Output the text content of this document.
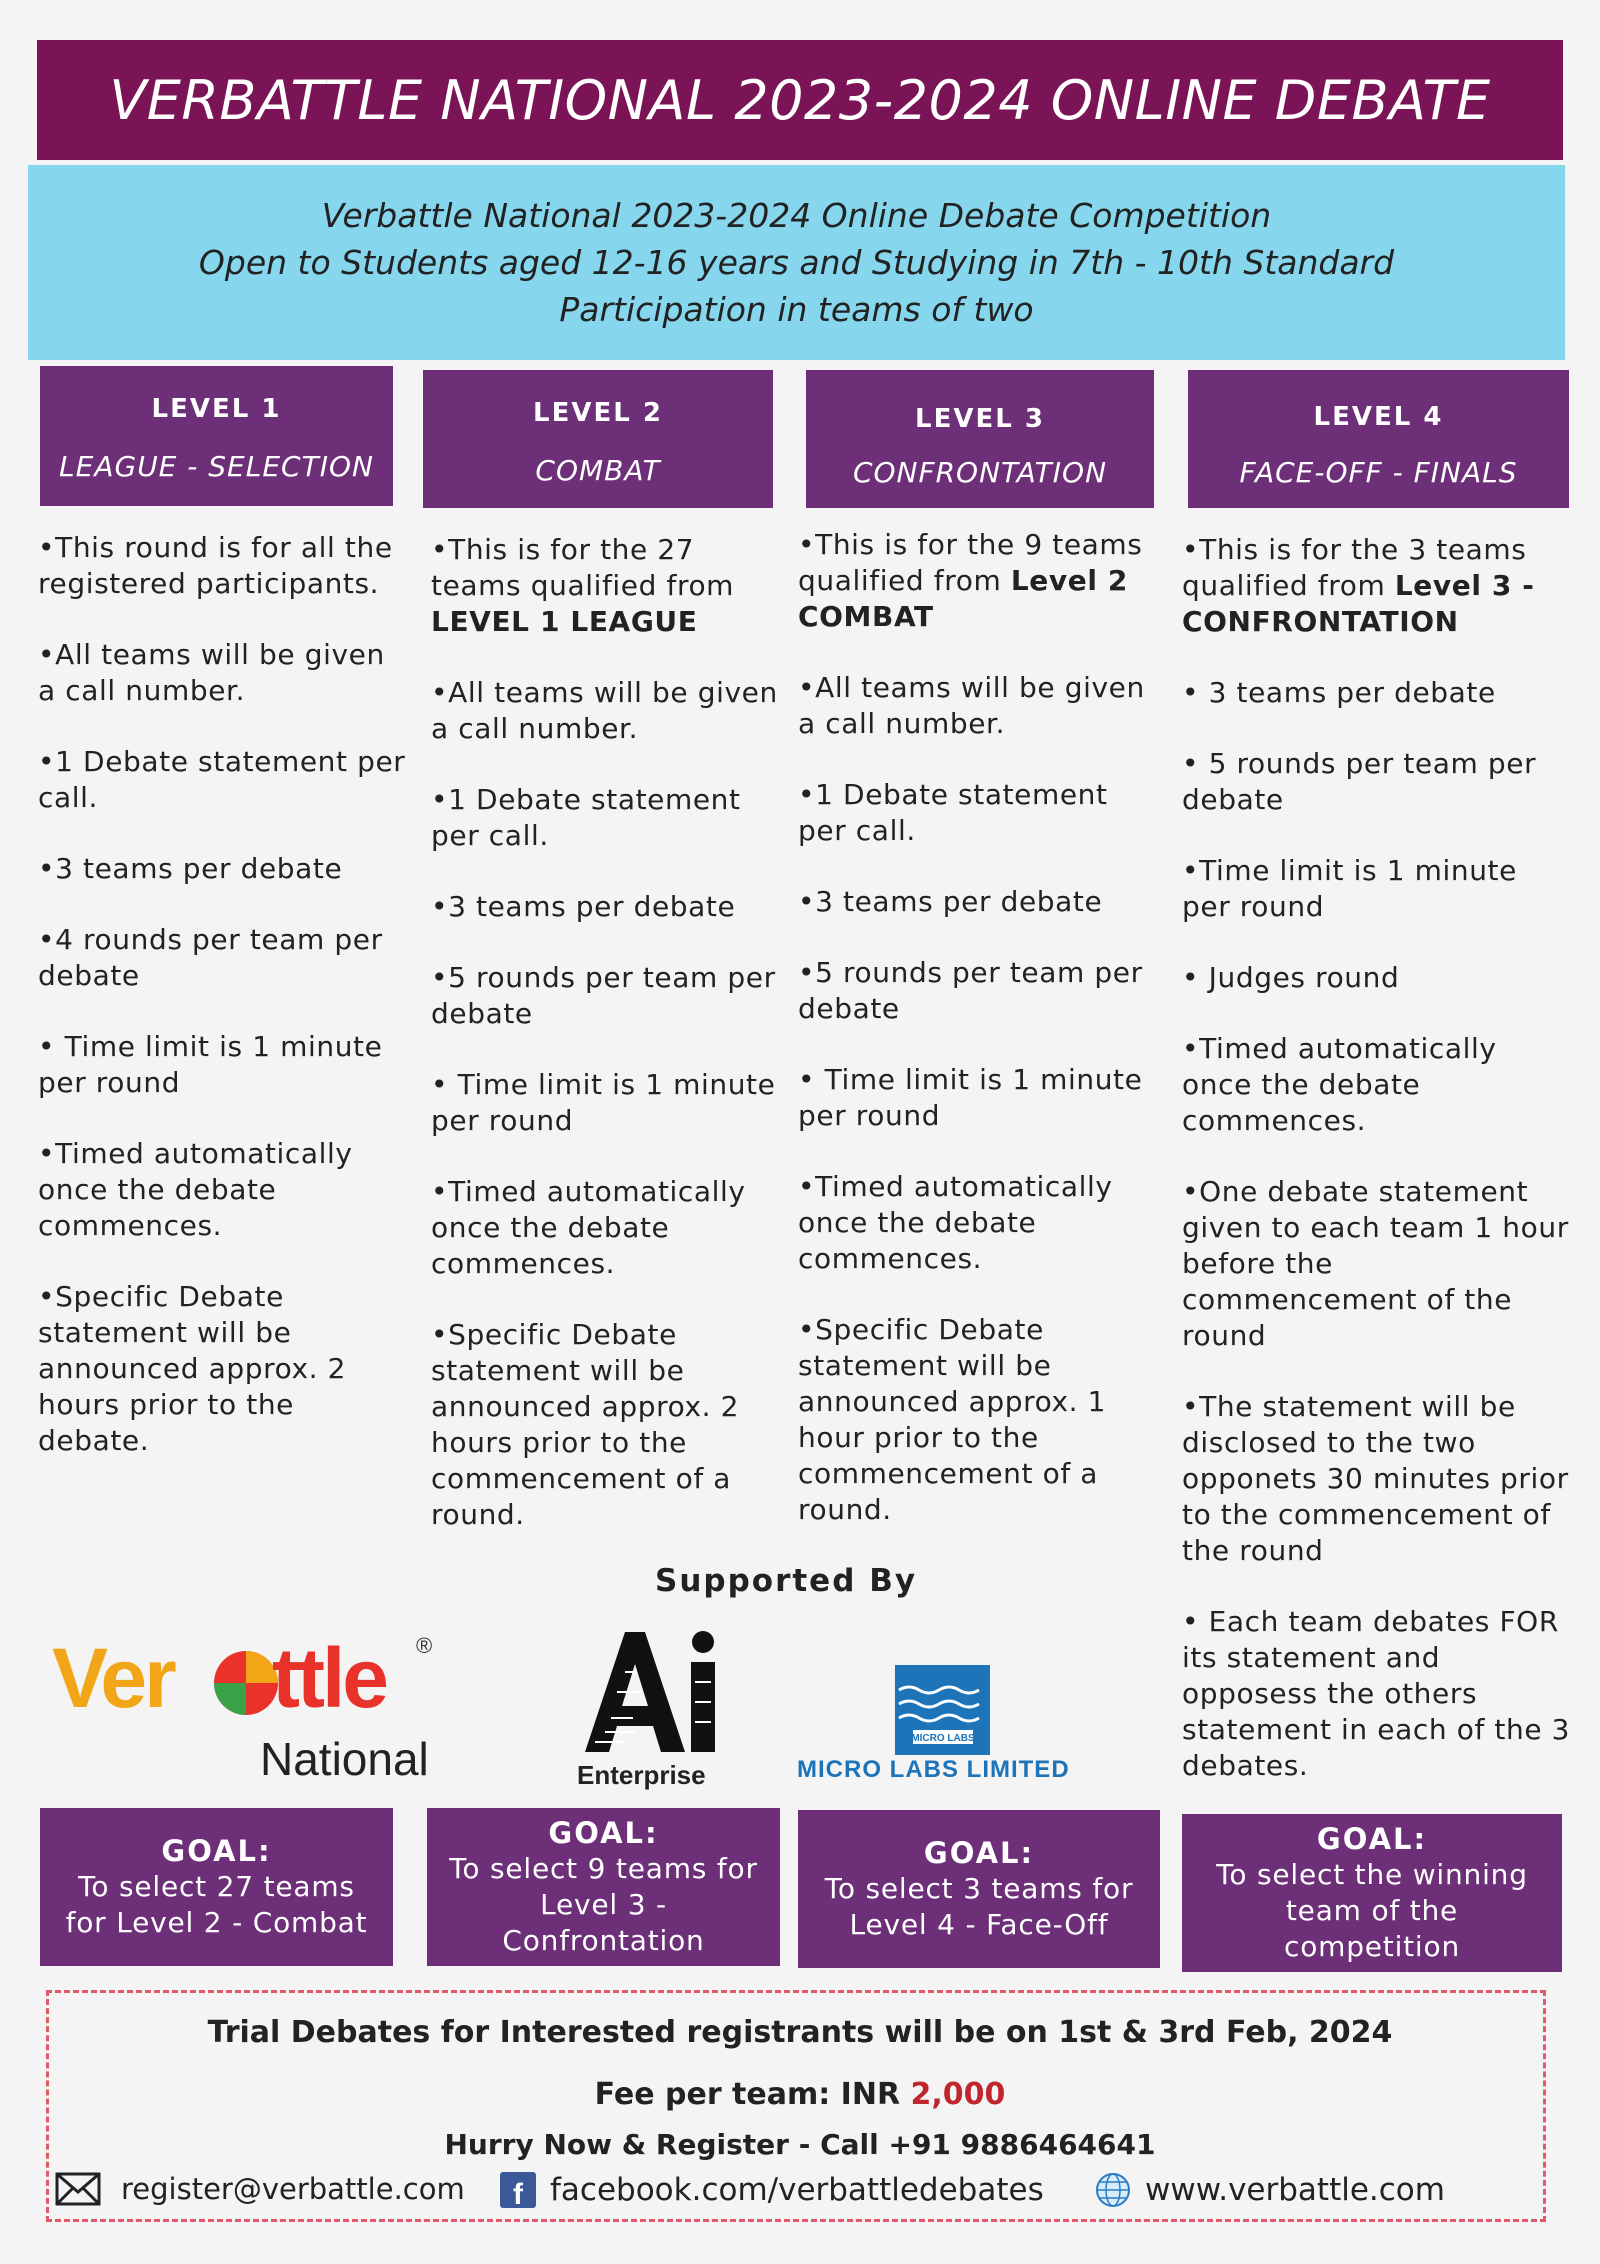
VERBATTLE NATIONAL 2023-2024 ONLINE DEBATE
Verbattle National 2023-2024 Online Debate Competition
Open to Students aged 12-16 years and Studying in 7th - 10th Standard
Participation in teams of two
LEVEL 1
LEAGUE - SELECTION
LEVEL 2
COMBAT
LEVEL 3
CONFRONTATION
LEVEL 4
FACE-OFF - FINALS

•This round is for all the registered participants.

•All teams will be given a call number.

•1 Debate statement per call.

•3 teams per debate

•4 rounds per team per debate

• Time limit is 1 minute per round

•Timed automatically once the debate commences.

•Specific Debate statement will be announced approx. 2 hours prior to the debate.

•This is for the 27 teams qualified from LEVEL 1 LEAGUE

•All teams will be given a call number.

•1 Debate statement per call.

•3 teams per debate

•5 rounds per team per debate

• Time limit is 1 minute per round

•Timed automatically once the debate commences.

•Specific Debate statement will be announced approx. 2 hours prior to the commencement of a round.

•This is for the 9 teams qualified from Level 2 COMBAT

•All teams will be given a call number.

•1 Debate statement per call.

•3 teams per debate

•5 rounds per team per debate

• Time limit is 1 minute per round

•Timed automatically once the debate commences.

•Specific Debate statement will be announced approx. 1 hour prior to the commencement of a round.

•This is for the 3 teams qualified from Level 3 - CONFRONTATION

• 3 teams per debate

• 5 rounds per team per debate

•Time limit is 1 minute per round

• Judges round

•Timed automatically once the debate commences.

•One debate statement given to each team 1 hour before the commencement of the round

•The statement will be disclosed to the two opponets 30 minutes prior to the commencement of the round

• Each team debates FOR its statement and opposess the others statement in each of the 3 debates.

Supported By
Ver ttle ®
National	Enterprise
MICRO LABS
MICRO LABS LIMITED
GOAL:
To select 27 teams for Level 2 - Combat
GOAL:
To select 9 teams for Level 3 - Confrontation
GOAL:
To select 3 teams for Level 4 - Face-Off
GOAL:
To select the winning team of the competition
Trial Debates for Interested registrants will be on 1st & 3rd Feb, 2024
Fee per team: INR 2,000
Hurry Now & Register - Call +91 9886464641
register@verbattle.com f facebook.com/verbattledebates	www.verbattle.com
